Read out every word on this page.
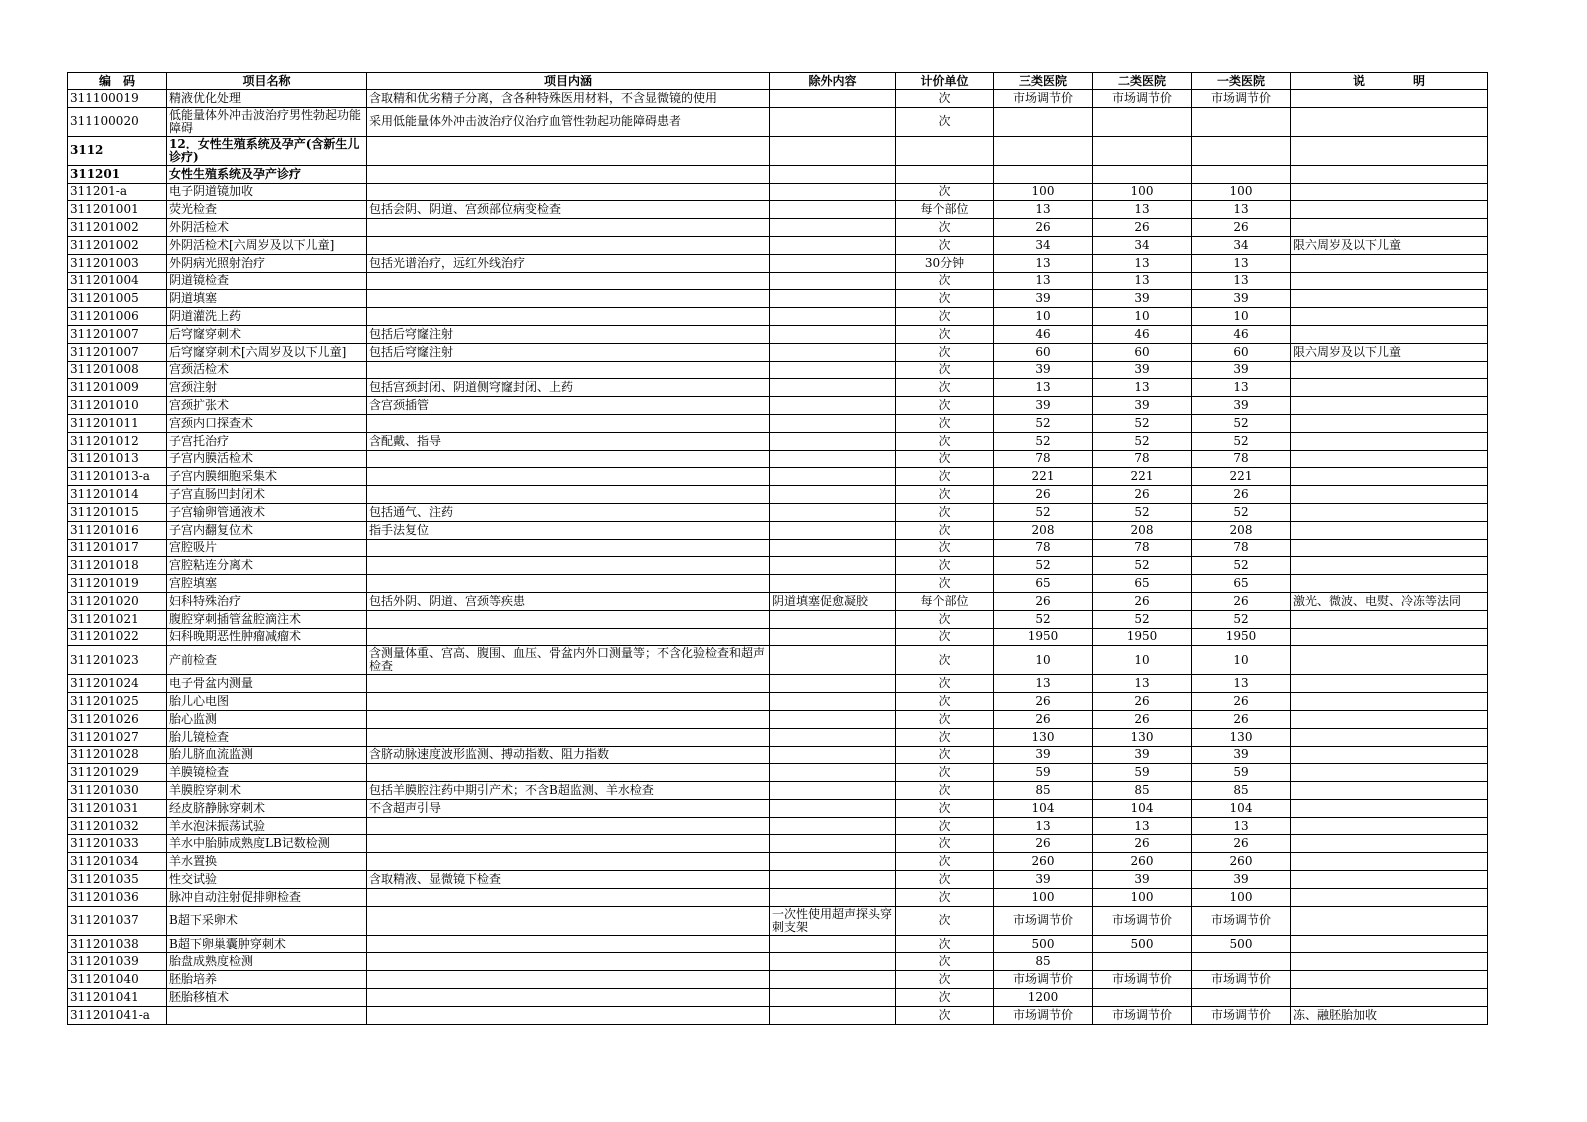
编　码	项目名称	项目内涵	除外内容	计价单位	三类医院	二类医院	一类医院	说　　　　明
311100019	精液优化处理	含取精和优劣精子分离，含各种特殊医用材料，不含显微镜的使用		次	市场调节价	市场调节价	市场调节价	
311100020	低能量体外冲击波治疗男性勃起功能障碍	采用低能量体外冲击波治疗仪治疗血管性勃起功能障碍患者		次				
3112	12．女性生殖系统及孕产(含新生儿诊疗)							
311201	女性生殖系统及孕产诊疗							
311201-a	电子阴道镜加收			次	100	100	100	
311201001	荧光检查	包括会阴、阴道、宫颈部位病变检查		每个部位	13	13	13	
311201002	外阴活检术			次	26	26	26	
311201002	外阴活检术[六周岁及以下儿童]			次	34	34	34	限六周岁及以下儿童
311201003	外阴病光照射治疗	包括光谱治疗，远红外线治疗		30分钟	13	13	13	
311201004	阴道镜检查			次	13	13	13	
311201005	阴道填塞			次	39	39	39	
311201006	阴道灌洗上药			次	10	10	10	
311201007	后穹窿穿刺术	包括后穹窿注射		次	46	46	46	
311201007	后穹窿穿刺术[六周岁及以下儿童]	包括后穹窿注射		次	60	60	60	限六周岁及以下儿童
311201008	宫颈活检术			次	39	39	39	
311201009	宫颈注射	包括宫颈封闭、阴道侧穹窿封闭、上药		次	13	13	13	
311201010	宫颈扩张术	含宫颈插管		次	39	39	39	
311201011	宫颈内口探查术			次	52	52	52	
311201012	子宫托治疗	含配戴、指导		次	52	52	52	
311201013	子宫内膜活检术			次	78	78	78	
311201013-a	子宫内膜细胞采集术			次	221	221	221	
311201014	子宫直肠凹封闭术			次	26	26	26	
311201015	子宫输卵管通液术	包括通气、注药		次	52	52	52	
311201016	子宫内翻复位术	指手法复位		次	208	208	208	
311201017	宫腔吸片			次	78	78	78	
311201018	宫腔粘连分离术			次	52	52	52	
311201019	宫腔填塞			次	65	65	65	
311201020	妇科特殊治疗	包括外阴、阴道、宫颈等疾患	阴道填塞促愈凝胶	每个部位	26	26	26	激光、微波、电熨、冷冻等法同
311201021	腹腔穿刺插管盆腔滴注术			次	52	52	52	
311201022	妇科晚期恶性肿瘤减瘤术			次	1950	1950	1950	
311201023	产前检查	含测量体重、宫高、腹围、血压、骨盆内外口测量等；不含化验检查和超声检查		次	10	10	10	
311201024	电子骨盆内测量			次	13	13	13	
311201025	胎儿心电图			次	26	26	26	
311201026	胎心监测			次	26	26	26	
311201027	胎儿镜检查			次	130	130	130	
311201028	胎儿脐血流监测	含脐动脉速度波形监测、搏动指数、阻力指数		次	39	39	39	
311201029	羊膜镜检查			次	59	59	59	
311201030	羊膜腔穿刺术	包括羊膜腔注药中期引产术；不含B超监测、羊水检查		次	85	85	85	
311201031	经皮脐静脉穿刺术	不含超声引导		次	104	104	104	
311201032	羊水泡沫振荡试验			次	13	13	13	
311201033	羊水中胎肺成熟度LB记数检测			次	26	26	26	
311201034	羊水置换			次	260	260	260	
311201035	性交试验	含取精液、显微镜下检查		次	39	39	39	
311201036	脉冲自动注射促排卵检查			次	100	100	100	
311201037	B超下采卵术		一次性使用超声探头穿刺支架	次	市场调节价	市场调节价	市场调节价	
311201038	B超下卵巢囊肿穿刺术			次	500	500	500	
311201039	胎盘成熟度检测			次	85			
311201040	胚胎培养			次	市场调节价	市场调节价	市场调节价	
311201041	胚胎移植术			次	1200			
311201041-a				次	市场调节价	市场调节价	市场调节价	冻、融胚胎加收
